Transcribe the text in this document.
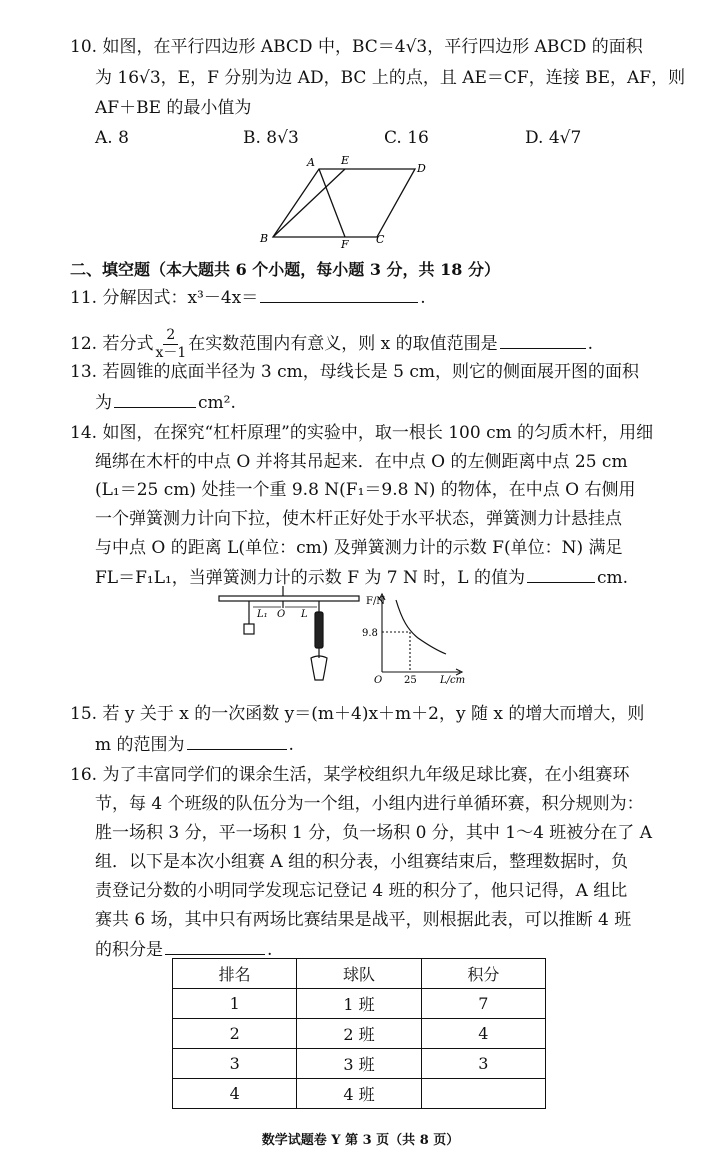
10. 如图，在平行四边形 ABCD 中，BC＝4√3，平行四边形 ABCD 的面积
为 16√3，E，F 分别为边 AD，BC 上的点，且 AE＝CF，连接 BE，AF，则
AF＋BE 的最小值为
A. 8	B. 8√3	C. 16	D. 4√7
A E
D
B	F C
二、填空题（本大题共 6 个小题，每小题 3 分，共 18 分）
11. 分解因式：x³－4x＝	.
12. 若分式 $\frac{2}{x-1}$ 在实数范围内有意义，则 x 的取值范围是	.
13. 若圆锥的底面半径为 3 cm，母线长是 5 cm，则它的侧面展开图的面积
为	cm².
14. 如图，在探究“杠杆原理”的实验中，取一根长 100 cm 的匀质木杆，用细
绳绑在木杆的中点 O 并将其吊起来．在中点 O 的左侧距离中点 25 cm
(L₁＝25 cm) 处挂一个重 9.8 N(F₁＝9.8 N) 的物体，在中点 O 右侧用
一个弹簧测力计向下拉，使木杆正好处于水平状态，弹簧测力计悬挂点
与中点 O 的距离 L(单位：cm) 及弹簧测力计的示数 F(单位：N) 满足
FL＝F₁L₁，当弹簧测力计的示数 F 为 7 N 时，L 的值为	cm.
L₁ O L
F/N
9.8
O 25 L/cm
15. 若 y 关于 x 的一次函数 y＝(m＋4)x＋m＋2，y 随 x 的增大而增大，则
m 的范围为	.
16. 为了丰富同学们的课余生活，某学校组织九年级足球比赛，在小组赛环
节，每 4 个班级的队伍分为一个组，小组内进行单循环赛，积分规则为：
胜一场积 3 分，平一场积 1 分，负一场积 0 分，其中 1～4 班被分在了 A
组．以下是本次小组赛 A 组的积分表，小组赛结束后，整理数据时，负
责登记分数的小明同学发现忘记登记 4 班的积分了，他只记得，A 组比
赛共 6 场，其中只有两场比赛结果是战平，则根据此表，可以推断 4 班
的积分是	.
排名	球队	积分
1	1 班	7
2	2 班	4
3	3 班	3
4	4 班	
数学试题卷 Y 第 3 页（共 8 页）
